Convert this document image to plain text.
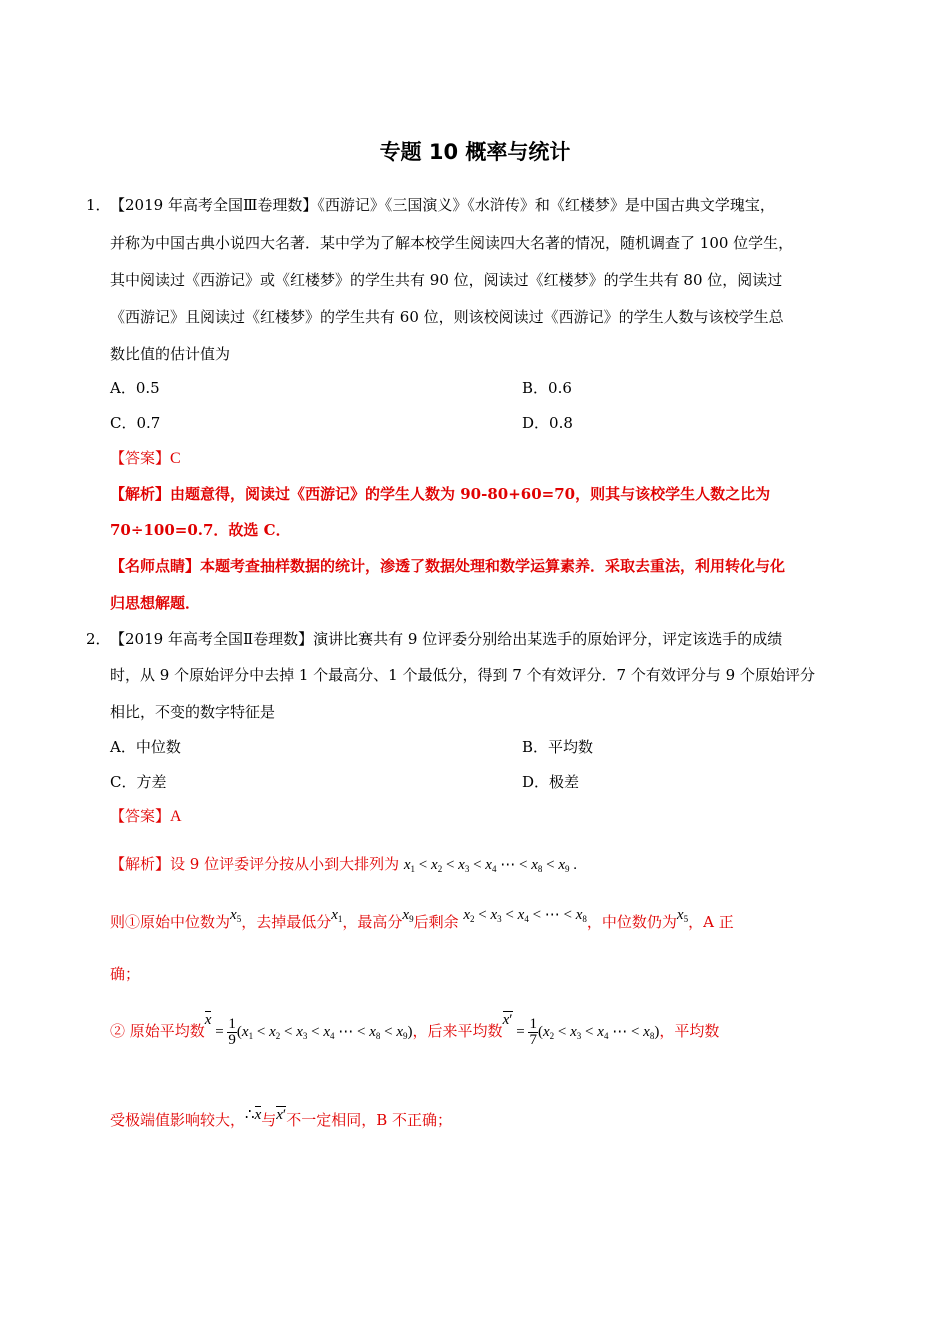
专题 10 概率与统计
1． 【2019 年高考全国Ⅲ卷理数】《西游记》《三国演义》《水浒传》和《红楼梦》是中国古典文学瑰宝，
并称为中国古典小说四大名著．某中学为了解本校学生阅读四大名著的情况，随机调查了 100 位学生，
其中阅读过《西游记》或《红楼梦》的学生共有 90 位，阅读过《红楼梦》的学生共有 80 位，阅读过
《西游记》且阅读过《红楼梦》的学生共有 60 位，则该校阅读过《西游记》的学生人数与该校学生总
数比值的估计值为
A．0.5	B．0.6
C．0.7	D．0.8
【答案】C
【解析】由题意得，阅读过《西游记》的学生人数为 90-80+60=70，则其与该校学生人数之比为
70÷100=0.7．故选 C．
【名师点睛】本题考查抽样数据的统计，渗透了数据处理和数学运算素养．采取去重法，利用转化与化
归思想解题．
2． 【2019 年高考全国Ⅱ卷理数】演讲比赛共有 9 位评委分别给出某选手的原始评分，评定该选手的成绩
时，从 9 个原始评分中去掉 1 个最高分、1 个最低分，得到 7 个有效评分．7 个有效评分与 9 个原始评分
相比，不变的数字特征是
A．中位数	B．平均数
C．方差	D．极差
【答案】A
【解析】设 9 位评委评分按从小到大排列为 $x_1 < x_2 < x_3 < x_4$ ⋯ < $x_8 < x_9$ .
则①原始中位数为$x_5$，去掉最低分$x_1$，最高分$x_9$后剩余 $x_2 < x_3 < x_4$ < ⋯ < $x_8$，中位数仍为$x_5$，A 正
确；
② 原始平均数$x = \frac{1}{9} (x_1 < x_2 < x_3 < x_4$ ⋯ < $x_8 < x_9$)，后来平均数$x' = \frac{1}{7} (x_2 < x_3 < x_4$ ⋯ < $x_8$)，平均数
受极端值影响较大，∴x与x′不一定相同，B 不正确；
